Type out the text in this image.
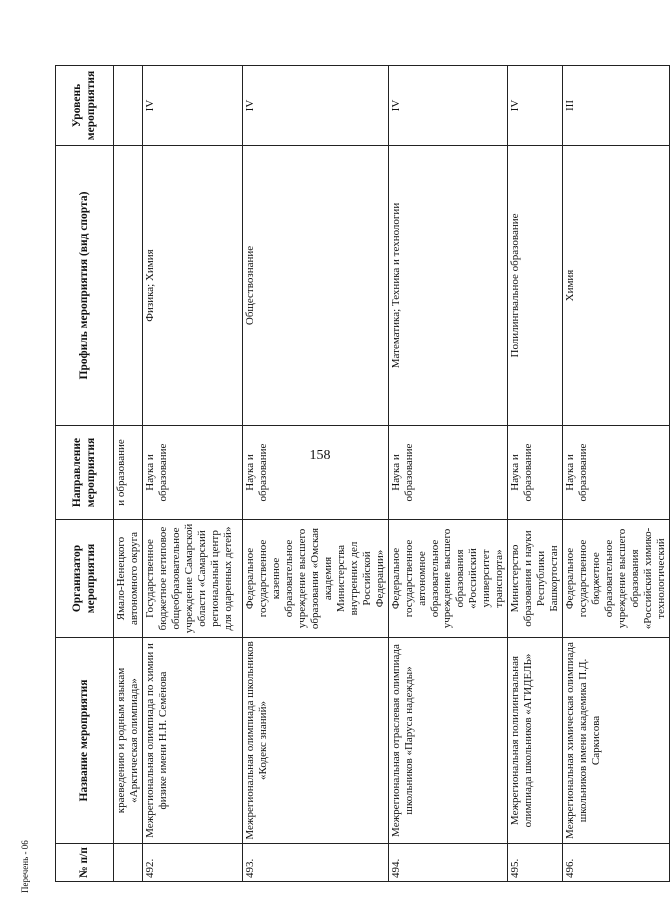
158
№ п/п	Название мероприятия	Организатор мероприятия	Направление мероприятия	Профиль мероприятия (вид спорта)	Уровень мероприятия
	краеведению и родным языкам «Арктическая олимпиада»	Ямало-Ненецкого автономного округа	и образование		
492.	Межрегиональная олимпиада по химии и физике имени Н.Н. Семёнова	Государственное бюджетное нетиповое общеобразовательное учреждение Самарской области «Самарский региональный центр для одаренных детей»	Наука и образование	Физика; Химия	IV
493.	Межрегиональная олимпиада школьников «Кодекс знаний»	Федеральное государственное казенное образовательное учреждение высшего образования «Омская академия Министерства внутренних дел Российской Федерации»	Наука и образование	Обществознание	IV
494.	Межрегиональная отраслевая олимпиада школьников «Паруса надежды»	Федеральное государственное автономное образовательное учреждение высшего образования «Российский университет транспорта»	Наука и образование	Математика; Техника и технологии	IV
495.	Межрегиональная полилингвальная олимпиада школьников «АГИДЕЛЬ»	Министерство образования и науки Республики Башкортостан	Наука и образование	Полилингвальное образование	IV
496.	Межрегиональная химическая олимпиада школьников имени академика П.Д. Саркисова	Федеральное государственное бюджетное образовательное учреждение высшего образования «Российский химико-технологический	Наука и образование	Химия	III
Перечень - 06
